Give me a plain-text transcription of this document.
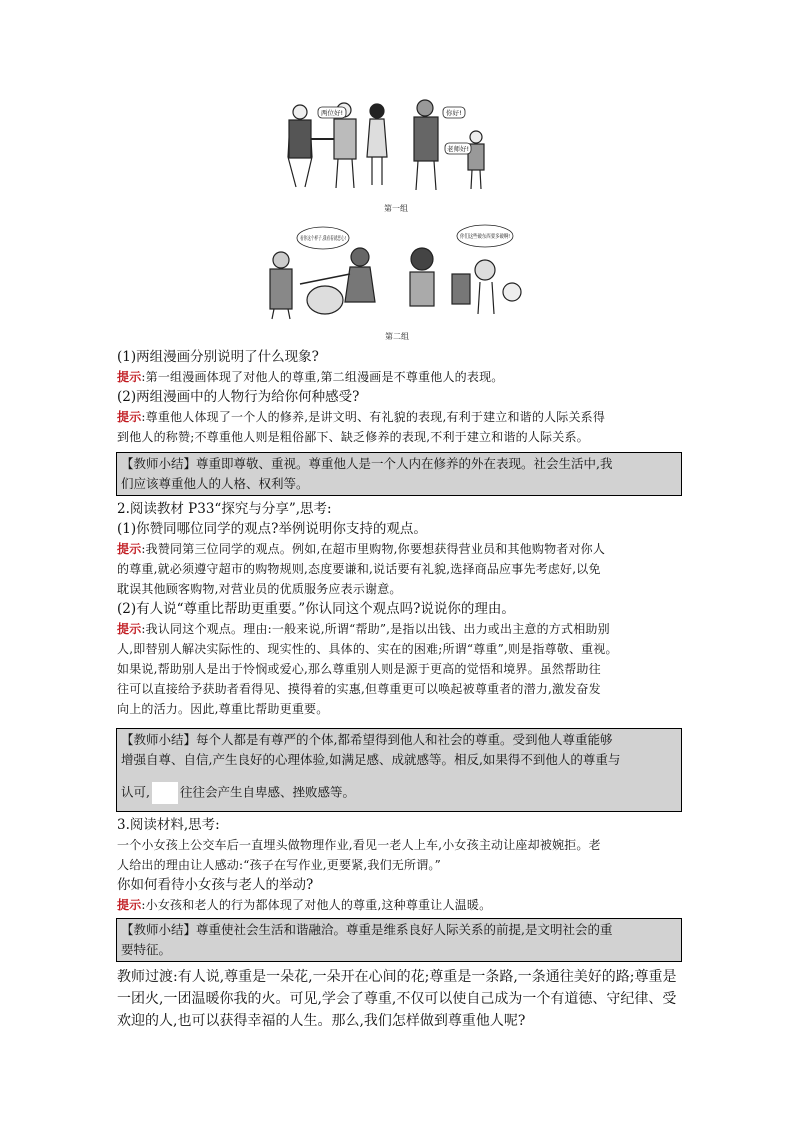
两位好!	你好!
老师好!
第一组
看你这个样子,我看着就恶心!	你们这些破东西要多破啊!
第二组
(1)两组漫画分别说明了什么现象?
提示:第一组漫画体现了对他人的尊重,第二组漫画是不尊重他人的表现。
(2)两组漫画中的人物行为给你何种感受?
提示:尊重他人体现了一个人的修养,是讲文明、有礼貌的表现,有利于建立和谐的人际关系得
到他人的称赞;不尊重他人则是粗俗鄙下、缺乏修养的表现,不利于建立和谐的人际关系。
【教师小结】尊重即尊敬、重视。尊重他人是一个人内在修养的外在表现。社会生活中,我
们应该尊重他人的人格、权利等。
2.阅读教材 P33“探究与分享”,思考:
(1)你赞同哪位同学的观点?举例说明你支持的观点。
提示:我赞同第三位同学的观点。例如,在超市里购物,你要想获得营业员和其他购物者对你人
的尊重,就必须遵守超市的购物规则,态度要谦和,说话要有礼貌,选择商品应事先考虑好,以免
耽误其他顾客购物,对营业员的优质服务应表示谢意。
(2)有人说“尊重比帮助更重要。”你认同这个观点吗?说说你的理由。
提示:我认同这个观点。理由:一般来说,所谓“帮助”,是指以出钱、出力或出主意的方式相助别
人,即替别人解决实际性的、现实性的、具体的、实在的困难;所谓“尊重”,则是指尊敬、重视。
如果说,帮助别人是出于怜悯或爱心,那么尊重别人则是源于更高的觉悟和境界。虽然帮助往
往可以直接给予获助者看得见、摸得着的实惠,但尊重更可以唤起被尊重者的潜力,激发奋发
向上的活力。因此,尊重比帮助更重要。
【教师小结】每个人都是有尊严的个体,都希望得到他人和社会的尊重。受到他人尊重能够
增强自尊、自信,产生良好的心理体验,如满足感、成就感等。相反,如果得不到他人的尊重与
认可, 往往会产生自卑感、挫败感等。
3.阅读材料,思考:
一个小女孩上公交车后一直埋头做物理作业,看见一老人上车,小女孩主动让座却被婉拒。老
人给出的理由让人感动:“孩子在写作业,更要紧,我们无所谓。”
你如何看待小女孩与老人的举动?
提示:小女孩和老人的行为都体现了对他人的尊重,这种尊重让人温暖。
【教师小结】尊重使社会生活和谐融洽。尊重是维系良好人际关系的前提,是文明社会的重
要特征。
教师过渡:有人说,尊重是一朵花,一朵开在心间的花;尊重是一条路,一条通往美好的路;尊重是
一团火,一团温暖你我的火。可见,学会了尊重,不仅可以使自己成为一个有道德、守纪律、受
欢迎的人,也可以获得幸福的人生。那么,我们怎样做到尊重他人呢?
